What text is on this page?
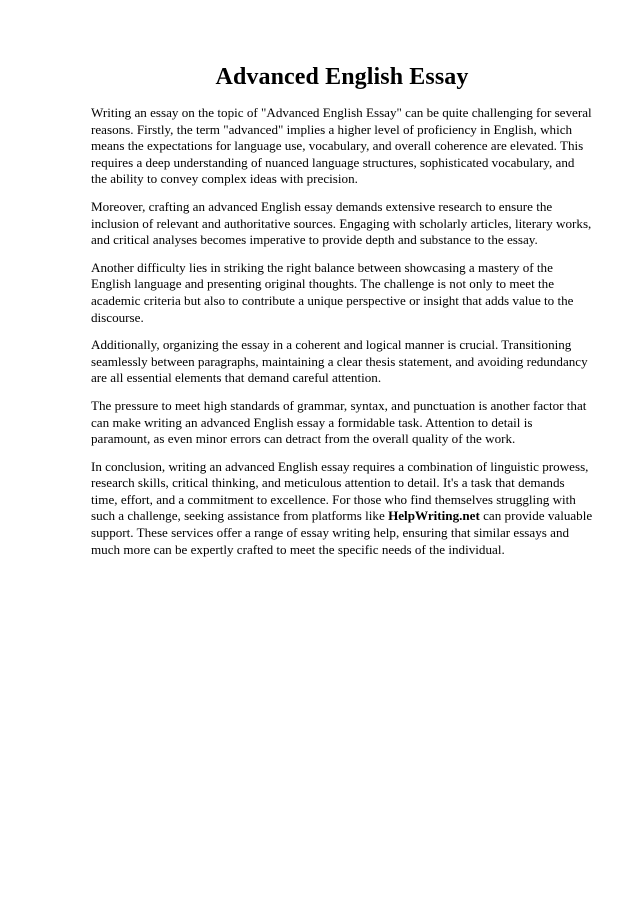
Advanced English Essay

Writing an essay on the topic of "Advanced English Essay" can be quite challenging for several reasons. Firstly, the term "advanced" implies a higher level of proficiency in English, which means the expectations for language use, vocabulary, and overall coherence are elevated. This requires a deep understanding of nuanced language structures, sophisticated vocabulary, and the ability to convey complex ideas with precision.

Moreover, crafting an advanced English essay demands extensive research to ensure the inclusion of relevant and authoritative sources. Engaging with scholarly articles, literary works, and critical analyses becomes imperative to provide depth and substance to the essay.

Another difficulty lies in striking the right balance between showcasing a mastery of the English language and presenting original thoughts. The challenge is not only to meet the academic criteria but also to contribute a unique perspective or insight that adds value to the discourse.

Additionally, organizing the essay in a coherent and logical manner is crucial. Transitioning seamlessly between paragraphs, maintaining a clear thesis statement, and avoiding redundancy are all essential elements that demand careful attention.

The pressure to meet high standards of grammar, syntax, and punctuation is another factor that can make writing an advanced English essay a formidable task. Attention to detail is paramount, as even minor errors can detract from the overall quality of the work.

In conclusion, writing an advanced English essay requires a combination of linguistic prowess, research skills, critical thinking, and meticulous attention to detail. It's a task that demands time, effort, and a commitment to excellence. For those who find themselves struggling with such a challenge, seeking assistance from platforms like HelpWriting.net can provide valuable support. These services offer a range of essay writing help, ensuring that similar essays and much more can be expertly crafted to meet the specific needs of the individual.
